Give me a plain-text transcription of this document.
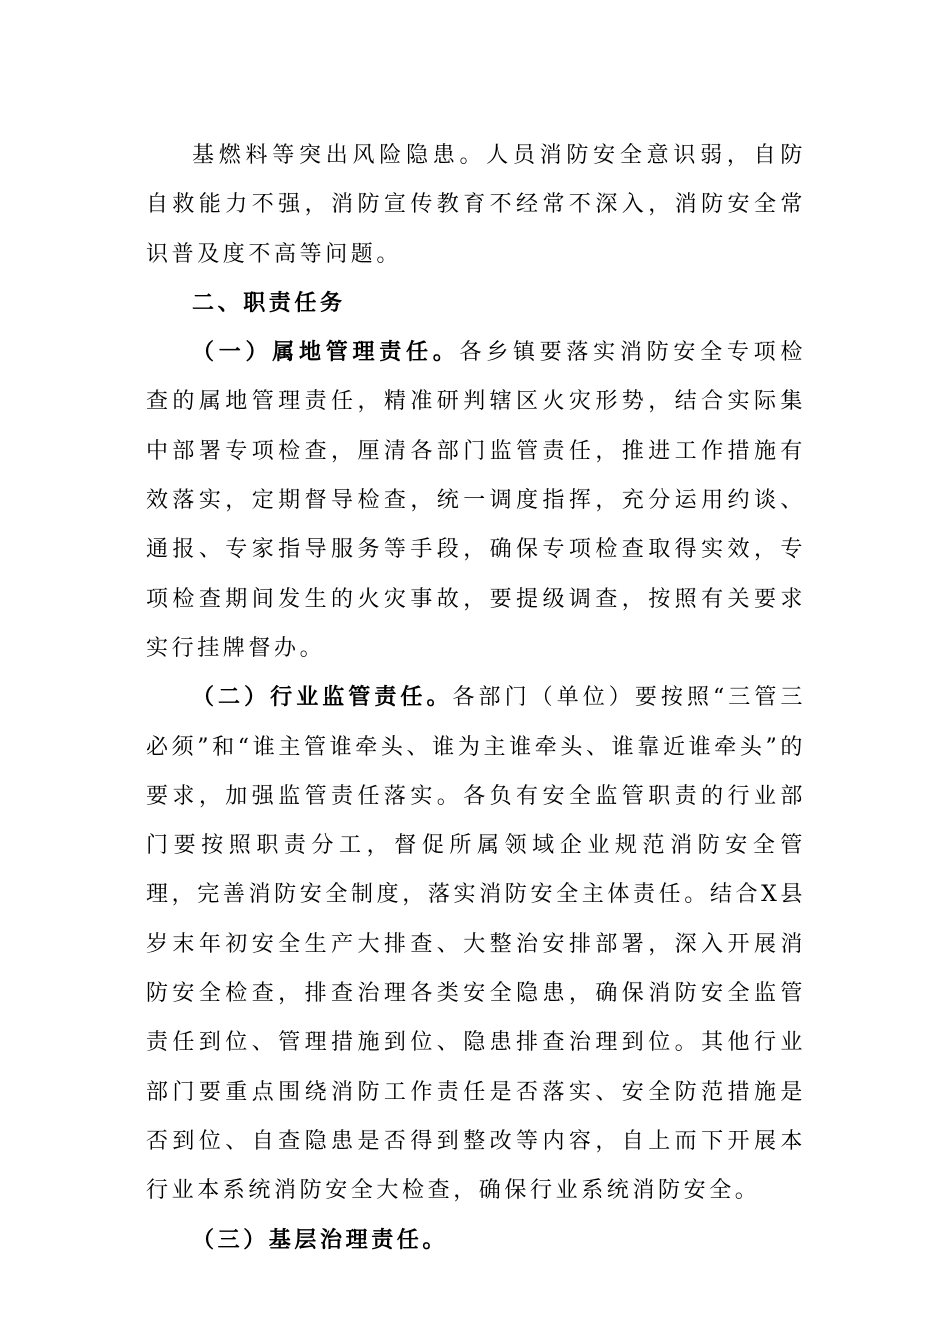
基燃料等突出风险隐患。人员消防安全意识弱，自防自救能力不强，消防宣传教育不经常不深入，消防安全常识普及度不高等问题。

二、职责任务

（一）属地管理责任。各乡镇要落实消防安全专项检查的属地管理责任，精准研判辖区火灾形势，结合实际集中部署专项检查，厘清各部门监管责任，推进工作措施有效落实，定期督导检查，统一调度指挥，充分运用约谈、通报、专家指导服务等手段，确保专项检查取得实效，专项检查期间发生的火灾事故，要提级调查，按照有关要求实行挂牌督办。

（二）行业监管责任。各部门（单位）要按照“三管三必须”和“谁主管谁牵头、谁为主谁牵头、谁靠近谁牵头”的要求，加强监管责任落实。各负有安全监管职责的行业部门要按照职责分工，督促所属领域企业规范消防安全管理，完善消防安全制度，落实消防安全主体责任。结合X县岁末年初安全生产大排查、大整治安排部署，深入开展消防安全检查，排查治理各类安全隐患，确保消防安全监管责任到位、管理措施到位、隐患排查治理到位。其他行业部门要重点围绕消防工作责任是否落实、安全防范措施是否到位、自查隐患是否得到整改等内容，自上而下开展本行业本系统消防安全大检查，确保行业系统消防安全。

（三）基层治理责任。
